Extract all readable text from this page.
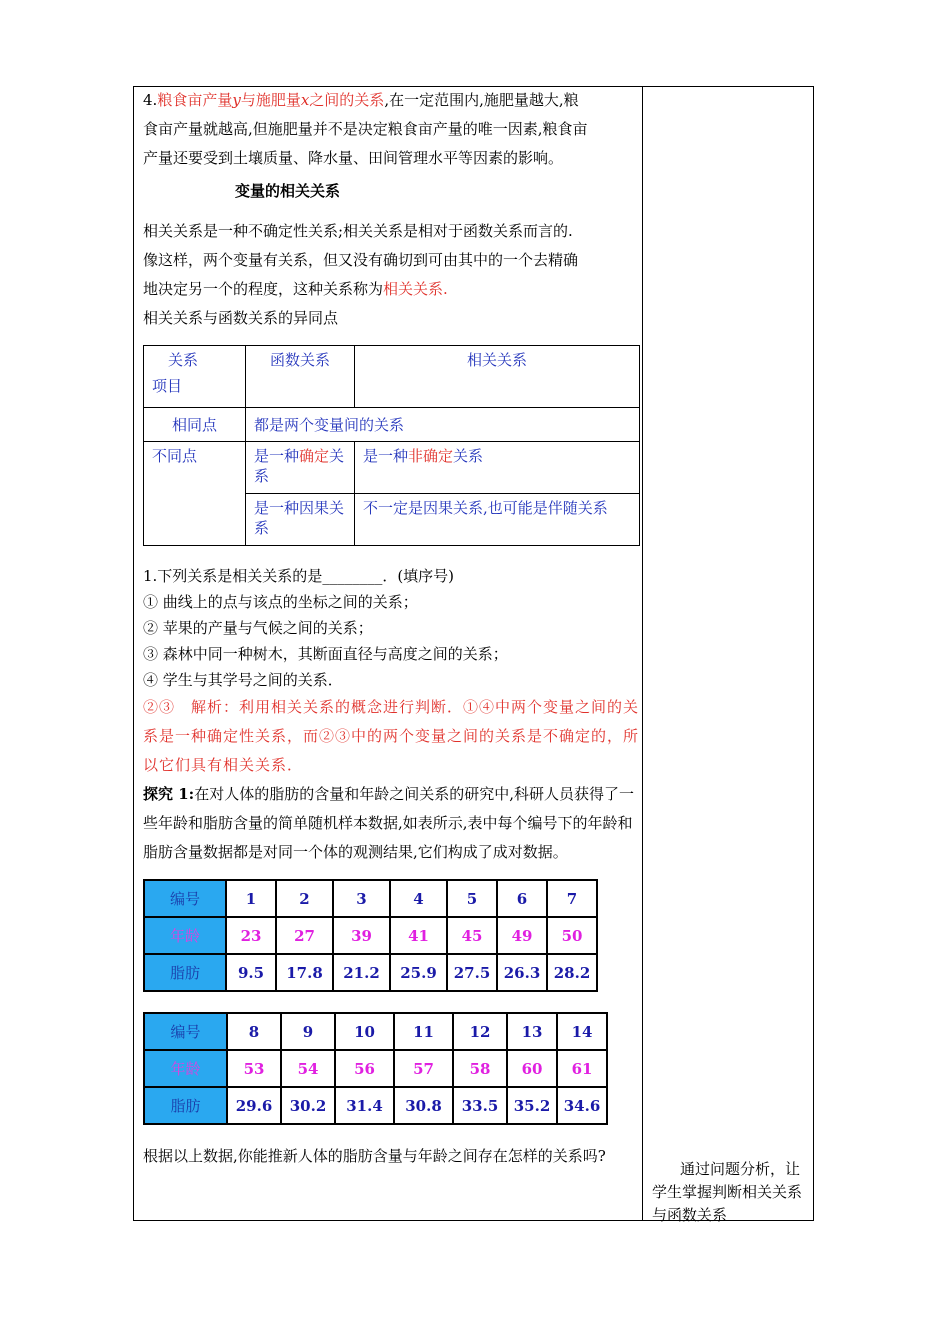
4.粮食亩产量y与施肥量x之间的关系,在一定范围内,施肥量越大,粮
食亩产量就越高,但施肥量并不是决定粮食亩产量的唯一因素,粮食亩
产量还要受到土壤质量、降水量、田间管理水平等因素的影响。

变量的相关关系

相关关系是一种不确定性关系;相关关系是相对于函数关系而言的.
像这样，两个变量有关系，但又没有确切到可由其中的一个去精确
地决定另一个的程度，这种关系称为相关关系.
相关关系与函数关系的异同点

关系
项目	函数关系	相关关系
相同点	都是两个变量间的关系	
不同点	是一种确定关系	是一种非确定关系
	是一种因果关系	不一定是因果关系,也可能是伴随关系
1.下列关系是相关关系的是________．(填序号)
① 曲线上的点与该点的坐标之间的关系；
② 苹果的产量与气候之间的关系；
③ 森林中同一种树木，其断面直径与高度之间的关系；
④ 学生与其学号之间的关系．

②③　解析：利用相关关系的概念进行判断．①④中两个变量之间的关系是一种确定性关系，而②③中的两个变量之间的关系是不确定的，所以它们具有相关关系．

探究 1:在对人体的脂肪的含量和年龄之间关系的研究中,科研人员获得了一些年龄和脂肪含量的简单随机样本数据,如表所示,表中每个编号下的年龄和脂肪含量数据都是对同一个体的观测结果,它们构成了成对数据。

编号	1	2	3	4	5	6	7
年龄	23	27	39	41	45	49	50
脂肪	9.5	17.8	21.2	25.9	27.5	26.3	28.2
编号	8	9	10	11	12	13	14
年龄	53	54	56	57	58	60	61
脂肪	29.6	30.2	31.4	30.8	33.5	35.2	34.6
根据以上数据,你能推新人体的脂肪含量与年龄之间存在怎样的关系吗?
通过问题分析，让学生掌握判断相关关系与函数关系
